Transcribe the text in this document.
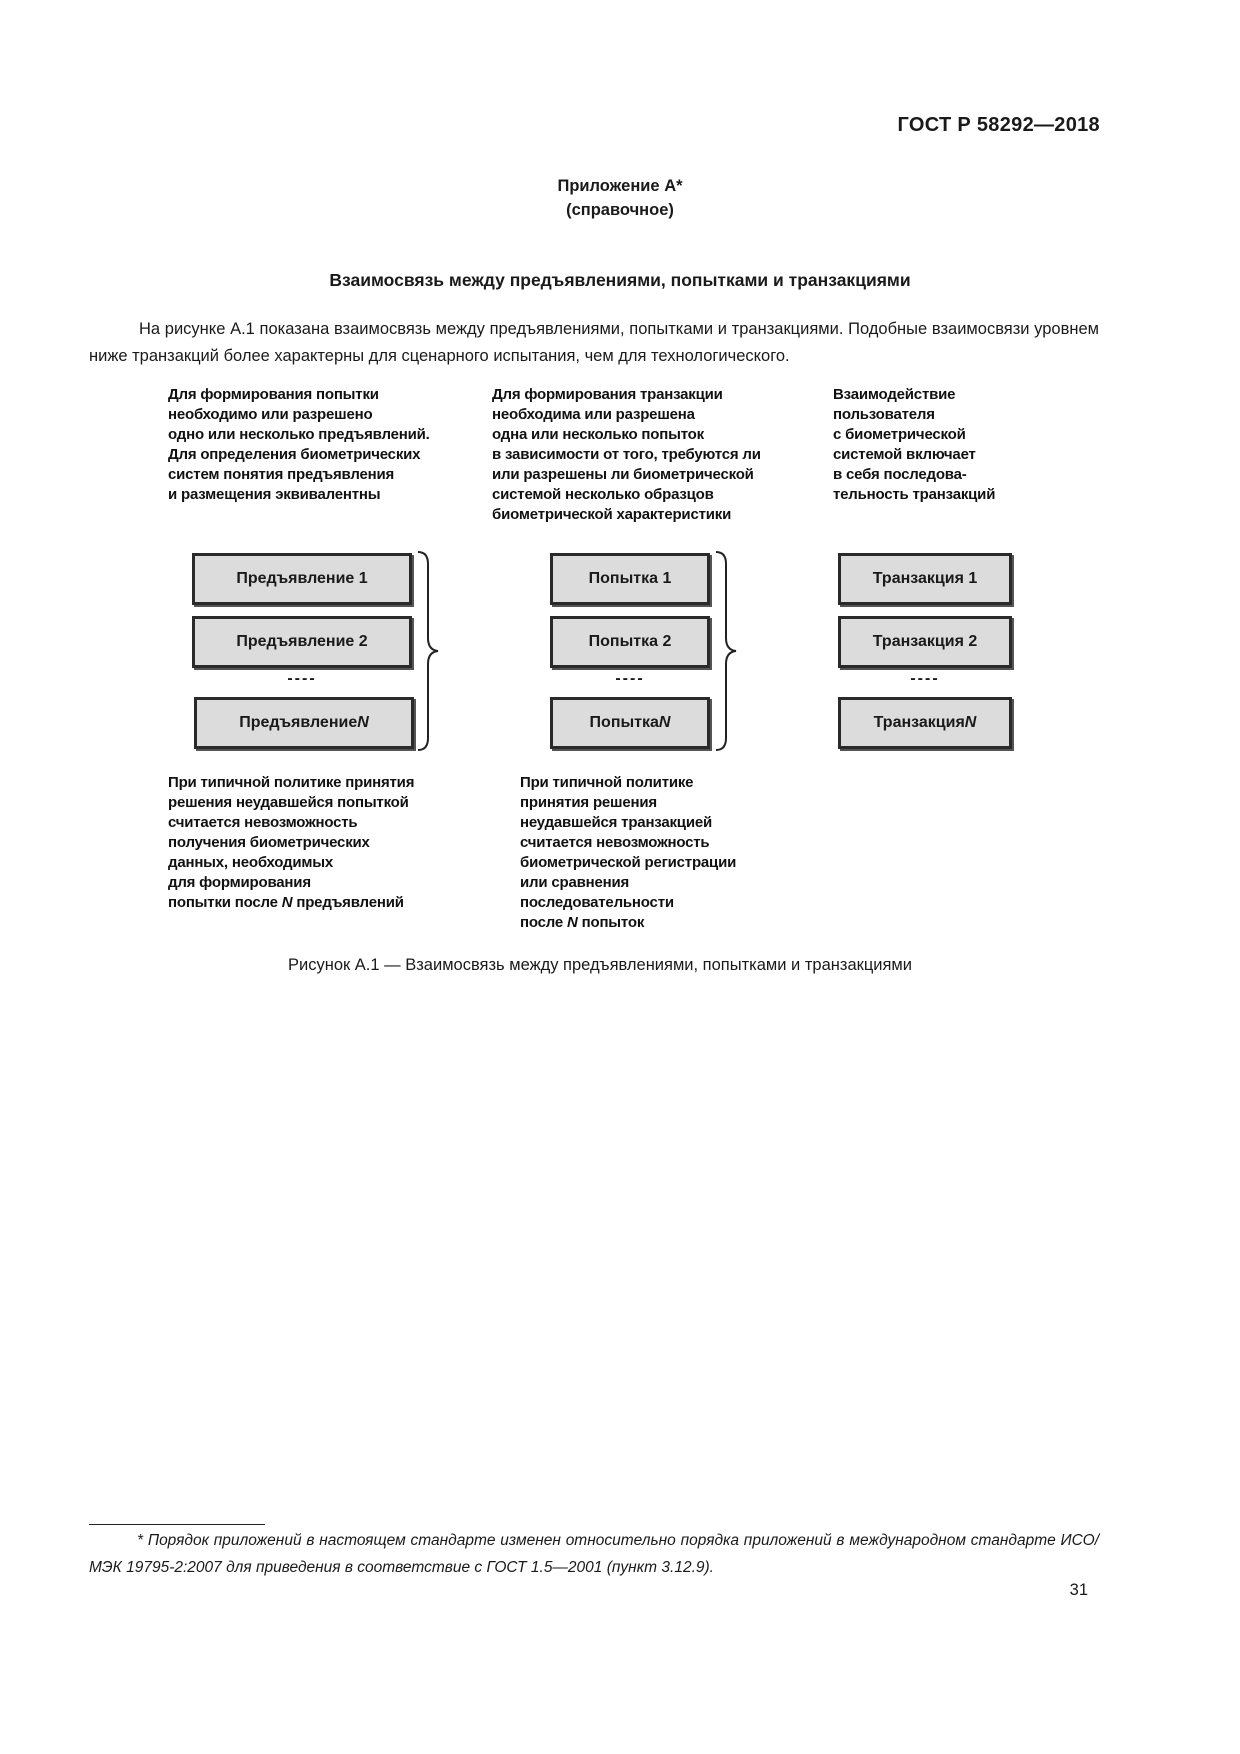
ГОСТ Р 58292—2018
Приложение А*
(справочное)
Взаимосвязь между предъявлениями, попытками и транзакциями

На рисунке А.1 показана взаимосвязь между предъявлениями, попытками и транзакциями. Подобные взаимосвязи уровнем ниже транзакций более характерны для сценарного испытания, чем для технологического.

Для формирования попытки
необходимо или разрешено
одно или несколько предъявлений.
Для определения биометрических
систем понятия предъявления
и размещения эквивалентны
Предъявление 1
Предъявление 2
----
Предъявление N
При типичной политике принятия
решения неудавшейся попыткой
считается невозможность
получения биометрических
данных, необходимых
для формирования
попытки после N предъявлений
Для формирования транзакции
необходима или разрешена
одна или несколько попыток
в зависимости от того, требуются ли
или разрешены ли биометрической
системой несколько образцов
биометрической характеристики
Попытка 1
Попытка 2
----
Попытка N
При типичной политике
принятия решения
неудавшейся транзакцией
считается невозможность
биометрической регистрации
или сравнения
последовательности
после N попыток
Взаимодействие
пользователя
с биометрической
системой включает
в себя последова-
тельность транзакций
Транзакция 1
Транзакция 2
----
Транзакция N
Рисунок А.1 — Взаимосвязь между предъявлениями, попытками и транзакциями

* Порядок приложений в настоящем стандарте изменен относительно порядка приложений в международном стандарте ИСО/МЭК 19795-2:2007 для приведения в соответствие с ГОСТ 1.5—2001 (пункт 3.12.9).

31
